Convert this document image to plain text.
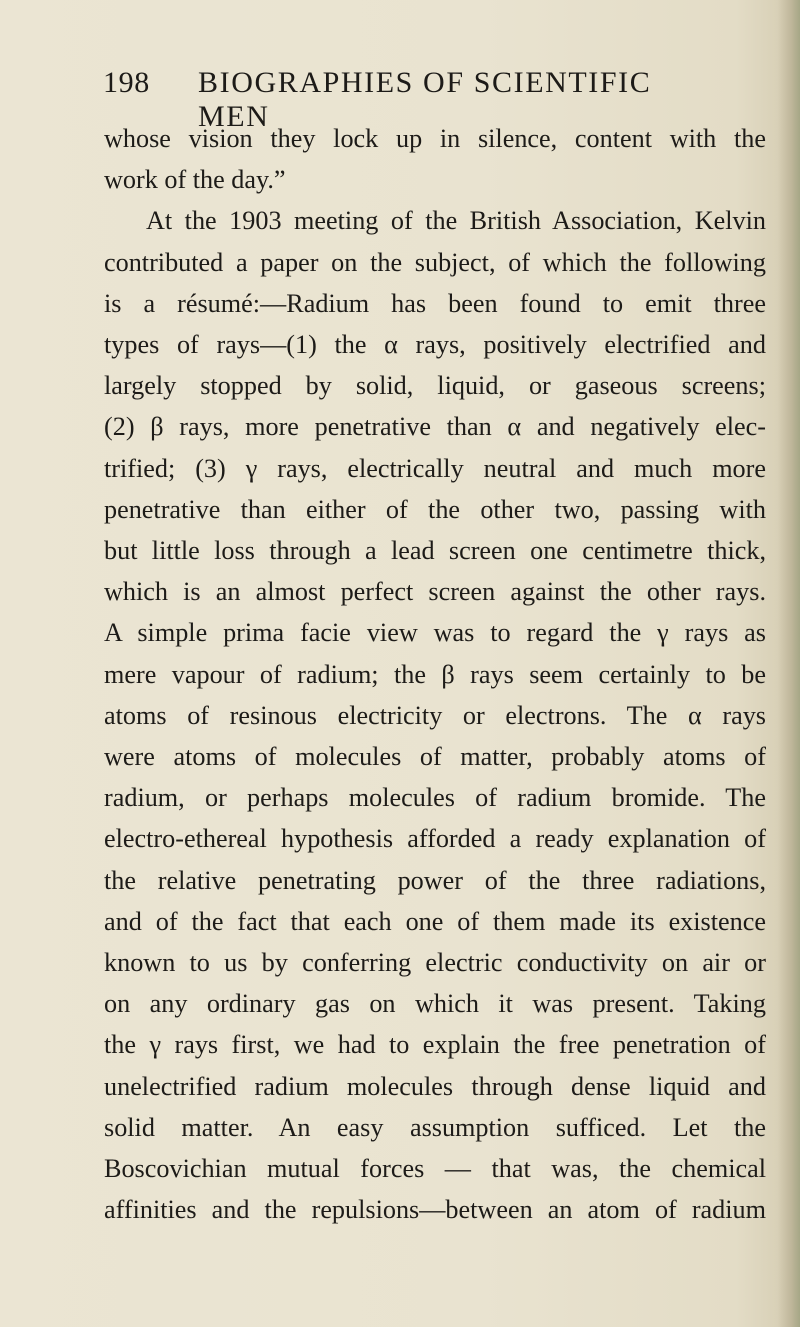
198 BIOGRAPHIES OF SCIENTIFIC MEN

whose vision they lock up in silence, content with the

work of the day.”

At the 1903 meeting of the British Association, Kelvin

contributed a paper on the subject, of which the following

is a résumé:—Radium has been found to emit three

types of rays—(1) the α rays, positively electrified and

largely stopped by solid, liquid, or gaseous screens;

(2) β rays, more penetrative than α and negatively elec-

trified; (3) γ rays, electrically neutral and much more

penetrative than either of the other two, passing with

but little loss through a lead screen one centimetre thick,

which is an almost perfect screen against the other rays.

A simple prima facie view was to regard the γ rays as

mere vapour of radium; the β rays seem certainly to be

atoms of resinous electricity or electrons. The α rays

were atoms of molecules of matter, probably atoms of

radium, or perhaps molecules of radium bromide. The

electro-ethereal hypothesis afforded a ready explanation of

the relative penetrating power of the three radiations,

and of the fact that each one of them made its existence

known to us by conferring electric conductivity on air or

on any ordinary gas on which it was present. Taking

the γ rays first, we had to explain the free penetration of

unelectrified radium molecules through dense liquid and

solid matter. An easy assumption sufficed. Let the

Boscovichian mutual forces — that was, the chemical

affinities and the repulsions—between an atom of radium
